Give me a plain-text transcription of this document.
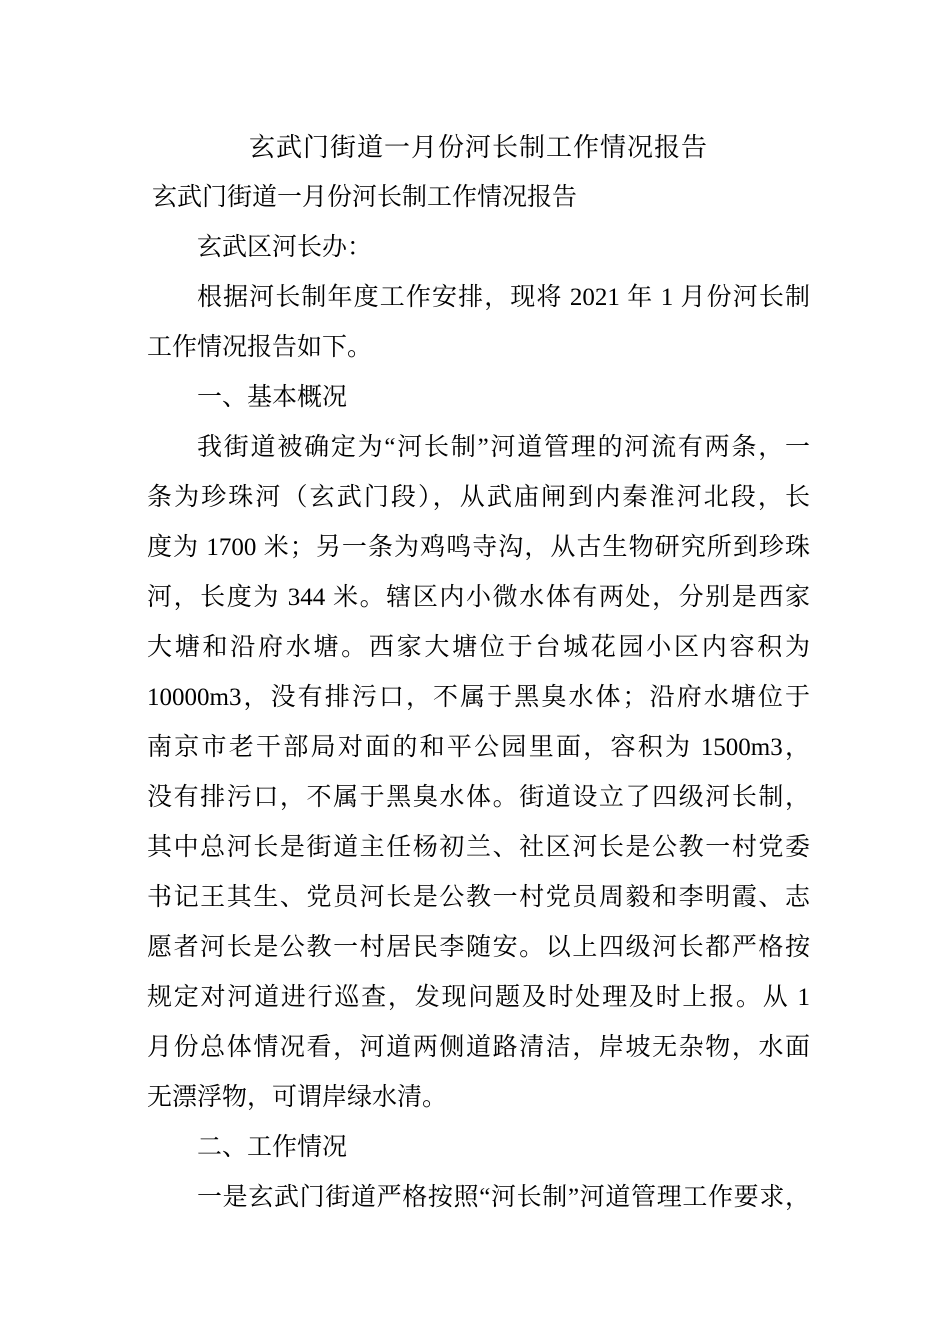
玄武门街道一月份河长制工作情况报告
玄武门街道一月份河长制工作情况报告
玄武区河长办：
根据河长制年度工作安排，现将 2021 年 1 月份河长制
工作情况报告如下。
一、基本概况
我街道被确定为“河长制”河道管理的河流有两条，一
条为珍珠河（玄武门段），从武庙闸到内秦淮河北段，长
度为 1700 米；另一条为鸡鸣寺沟，从古生物研究所到珍珠
河，长度为 344 米。辖区内小微水体有两处，分别是西家
大塘和沿府水塘。西家大塘位于台城花园小区内容积为
10000m3，没有排污口，不属于黑臭水体；沿府水塘位于
南京市老干部局对面的和平公园里面，容积为 1500m3，
没有排污口，不属于黑臭水体。街道设立了四级河长制，
其中总河长是街道主任杨初兰、社区河长是公教一村党委
书记王其生、党员河长是公教一村党员周毅和李明霞、志
愿者河长是公教一村居民李随安。以上四级河长都严格按
规定对河道进行巡查，发现问题及时处理及时上报。从 1
月份总体情况看，河道两侧道路清洁，岸坡无杂物，水面
无漂浮物，可谓岸绿水清。
二、工作情况
一是玄武门街道严格按照“河长制”河道管理工作要求，
